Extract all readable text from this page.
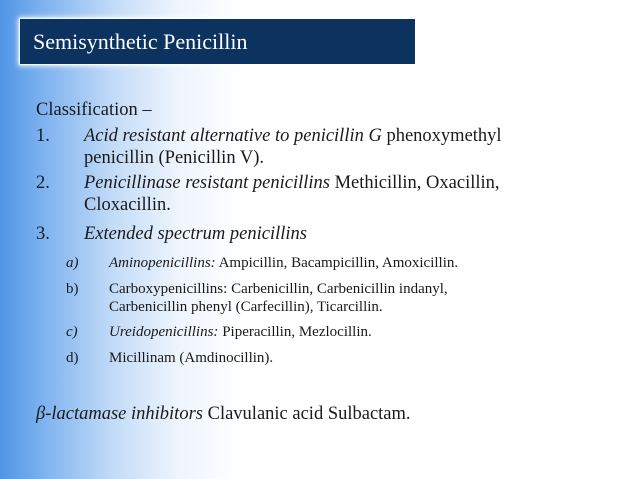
Semisynthetic Penicillin
Classification –
1. Acid resistant alternative to penicillin G phenoxymethyl
penicillin (Penicillin V).
2. Penicillinase resistant penicillins Methicillin, Oxacillin,
Cloxacillin.
3. Extended spectrum penicillins
a) Aminopenicillins: Ampicillin, Bacampicillin, Amoxicillin.
b) Carboxypenicillins: Carbenicillin, Carbenicillin indanyl,
Carbenicillin phenyl (Carfecillin), Ticarcillin.
c) Ureidopenicillins: Piperacillin, Mezlocillin.
d) Micillinam (Amdinocillin).
β-lactamase inhibitors Clavulanic acid Sulbactam.
